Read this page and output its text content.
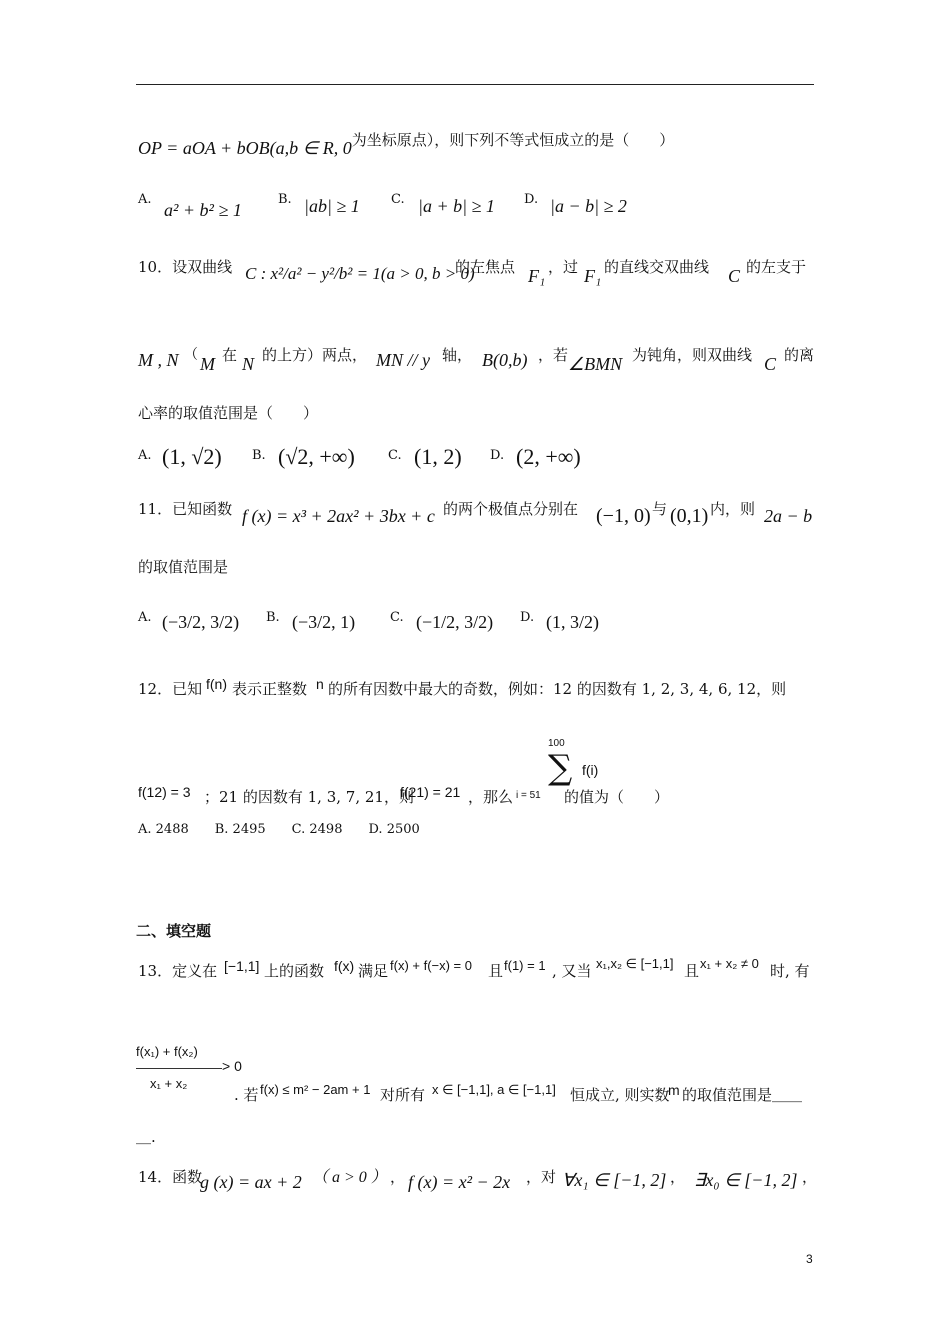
OP = aOA + bOB(a,b ∈ R, 0为坐标原点），则下列不等式恒成立的是（　　）
A.
a² + b² ≥ 1
B. |ab| ≥ 1 C. |a + b| ≥ 1 D. |a − b| ≥ 2
10．设双曲线 C : x²/a² − y²/b² = 1(a > 0, b > 0)
的左焦点 F₁ ，过 F₁ 的直线交双曲线 C 的左支于
M , N （ M 在 N 的上方）两点， MN // y 轴， B(0,b) ，若 ∠BMN 为钝角，则双曲线 C 的离
心率的取值范围是（　　）
A. (1, √2) B. (√2, +∞)	C. (1, 2) D. (2, +∞)
11．已知函数 f (x) = x³ + 2ax² + 3bx + c 的两个极值点分别在 (−1, 0) 与 (0,1) 内，则 2a − b
的取值范围是
A. (−3/2, 3/2) B. (−3/2, 1)	C. (−1/2, 3/2) D. (1, 3/2)
12．已知 f(n) 表示正整数 n 的所有因数中最大的奇数，例如：12 的因数有 1, 2, 3, 4, 6, 12，则
100
∑ f(i)
i = 51
f(12) = 3 ；21 的因数有 1, 3, 7, 21，则
f(21) = 21 ，那么	的值为（　　）
A. 2488　　B. 2495　　C. 2498　　D. 2500
二、填空题
13．定义在 [−1,1] 上的函数 f(x) 满足 f(x) + f(−x) = 0 且 f(1) = 1 , 又当 x₁,x₂ ∈ [−1,1] 且 x₁ + x₂ ≠ 0 时, 有
f(x₁) + f(x₂)
> 0
x₁ + x₂
. 若 f(x) ≤ m² − 2am + 1 对所有 x ∈ [−1,1], a ∈ [−1,1] 恒成立, 则实数
m 的取值范围是＿＿
＿.
14．函数
g (x) = ax + 2 （ a > 0 ） ， f (x) = x² − 2x ，对 ∀x₁ ∈ [−1, 2] ， ∃x₀ ∈ [−1, 2] ，
3
